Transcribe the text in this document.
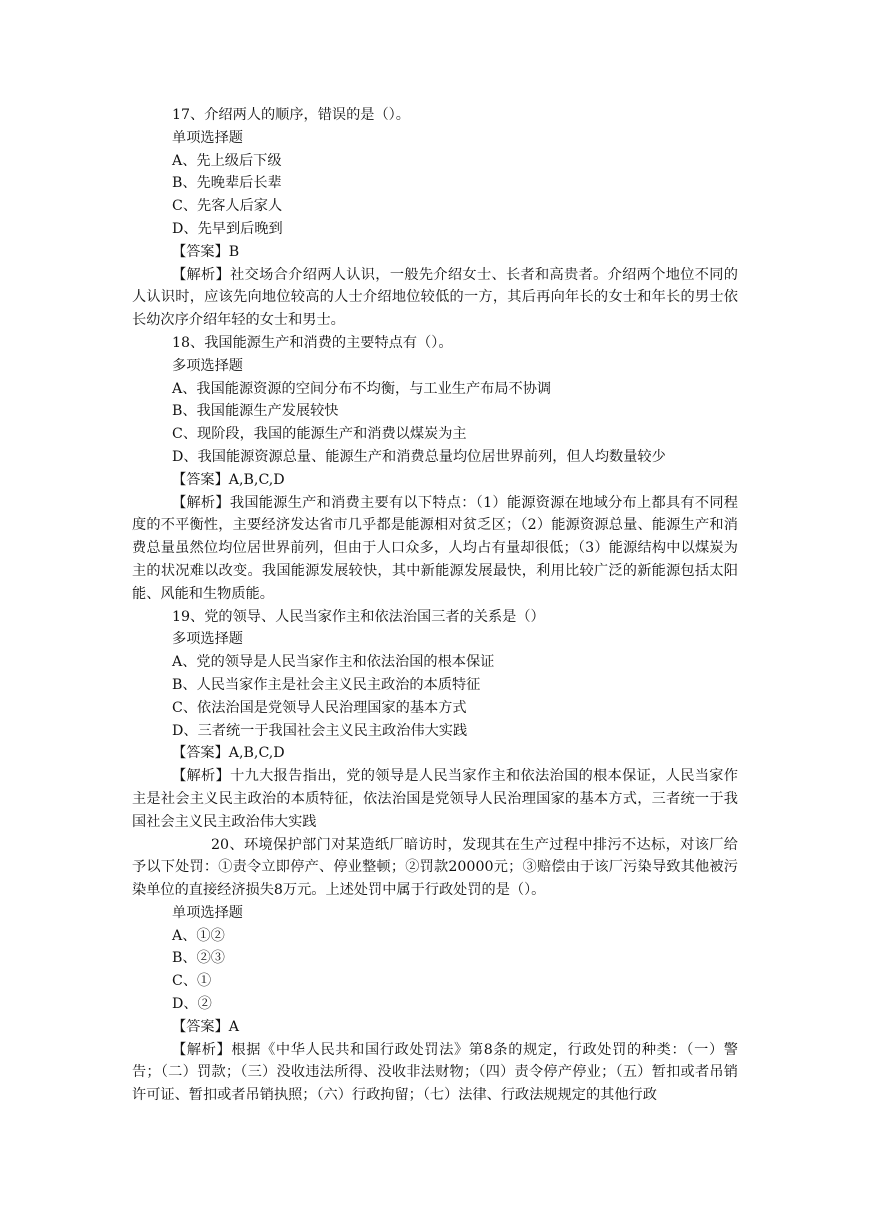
17、介绍两人的顺序，错误的是（）。
单项选择题
A、先上级后下级
B、先晚辈后长辈
C、先客人后家人
D、先早到后晚到
【答案】B
【解析】社交场合介绍两人认识，一般先介绍女士、长者和高贵者。介绍两个地位不同的人认识时，应该先向地位较高的人士介绍地位较低的一方，其后再向年长的女士和年长的男士依长幼次序介绍年轻的女士和男士。
18、我国能源生产和消费的主要特点有（）。
多项选择题
A、我国能源资源的空间分布不均衡，与工业生产布局不协调
B、我国能源生产发展较快
C、现阶段，我国的能源生产和消费以煤炭为主
D、我国能源资源总量、能源生产和消费总量均位居世界前列，但人均数量较少
【答案】A,B,C,D
【解析】我国能源生产和消费主要有以下特点：（1）能源资源在地域分布上都具有不同程度的不平衡性，主要经济发达省市几乎都是能源相对贫乏区；（2）能源资源总量、能源生产和消费总量虽然位均位居世界前列，但由于人口众多，人均占有量却很低；（3）能源结构中以煤炭为主的状况难以改变。我国能源发展较快，其中新能源发展最快，利用比较广泛的新能源包括太阳能、风能和生物质能。
19、党的领导、人民当家作主和依法治国三者的关系是（）
多项选择题
A、党的领导是人民当家作主和依法治国的根本保证
B、人民当家作主是社会主义民主政治的本质特征
C、依法治国是党领导人民治理国家的基本方式
D、三者统一于我国社会主义民主政治伟大实践
【答案】A,B,C,D
【解析】十九大报告指出，党的领导是人民当家作主和依法治国的根本保证，人民当家作主是社会主义民主政治的本质特征，依法治国是党领导人民治理国家的基本方式，三者统一于我国社会主义民主政治伟大实践
20、环境保护部门对某造纸厂暗访时，发现其在生产过程中排污不达标，对该厂给予以下处罚：①责令立即停产、停业整顿；②罚款20000元；③赔偿由于该厂污染导致其他被污染单位的直接经济损失8万元。上述处罚中属于行政处罚的是（）。
单项选择题
A、①②
B、②③
C、①
D、②
【答案】A
【解析】根据《中华人民共和国行政处罚法》第8条的规定，行政处罚的种类：（一）警告；（二）罚款；（三）没收违法所得、没收非法财物；（四）责令停产停业；（五）暂扣或者吊销许可证、暂扣或者吊销执照；（六）行政拘留；（七）法律、行政法规规定的其他行政
